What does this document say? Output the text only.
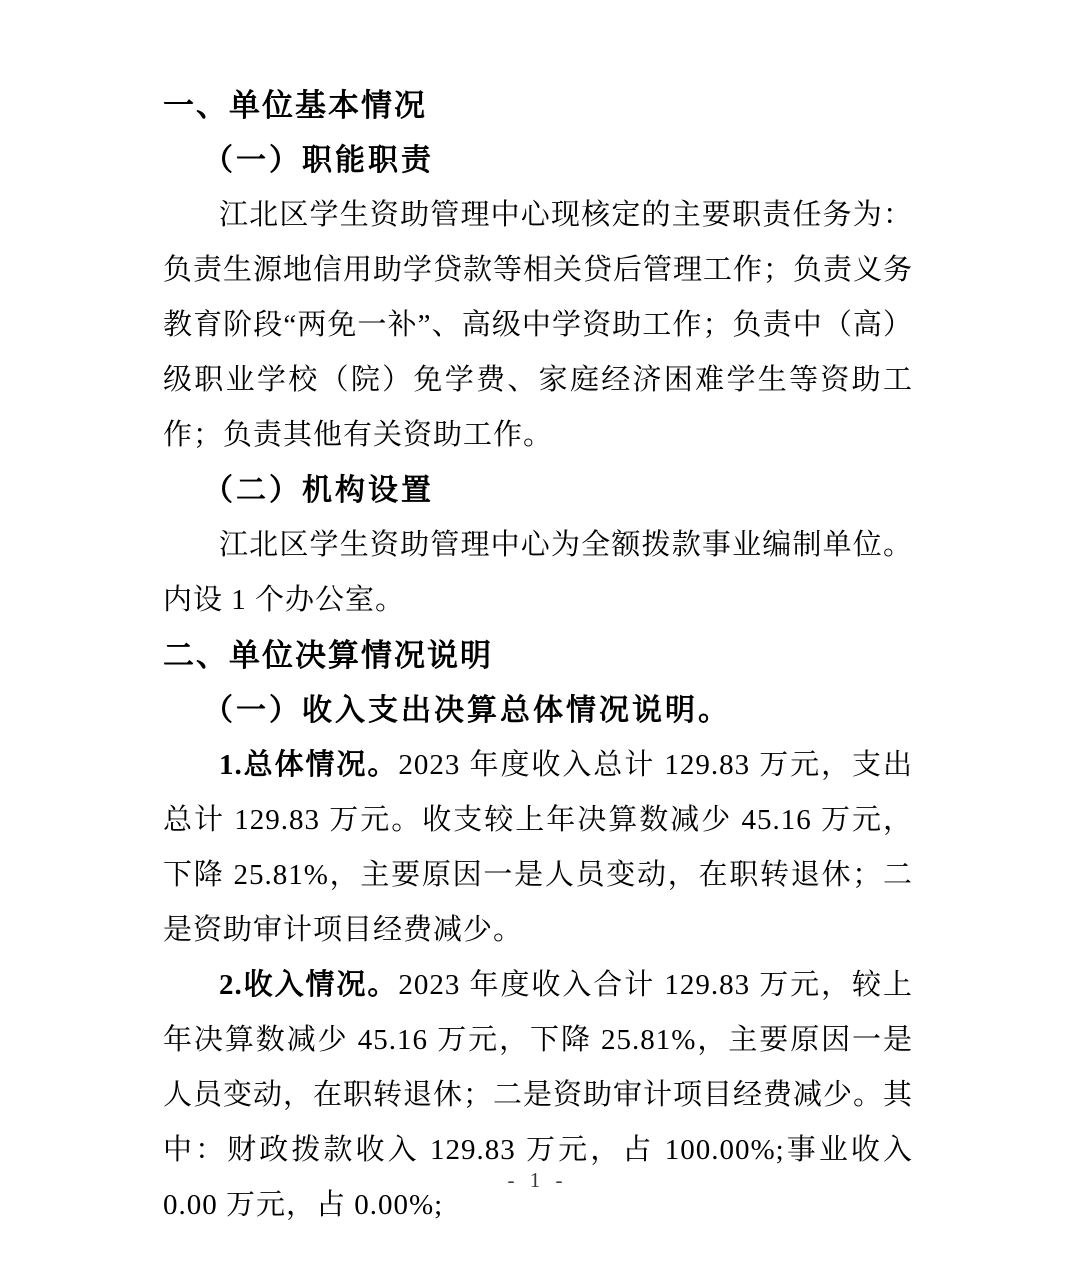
一、单位基本情况
（一）职能职责

江北区学生资助管理中心现核定的主要职责任务为：负责生源地信用助学贷款等相关贷后管理工作；负责义务教育阶段“两免一补”、高级中学资助工作；负责中（高）级职业学校（院）免学费、家庭经济困难学生等资助工作；负责其他有关资助工作。

（二）机构设置

江北区学生资助管理中心为全额拨款事业编制单位。内设 1 个办公室。

二、单位决算情况说明
（一）收入支出决算总体情况说明。

1.总体情况。2023 年度收入总计 129.83 万元，支出总计 129.83 万元。收支较上年决算数减少 45.16 万元，下降 25.81%，主要原因一是人员变动，在职转退休；二是资助审计项目经费减少。

2.收入情况。2023 年度收入合计 129.83 万元，较上年决算数减少 45.16 万元，下降 25.81%，主要原因一是人员变动，在职转退休；二是资助审计项目经费减少。其中：财政拨款收入 129.83 万元，占 100.00%;事业收入 0.00 万元，占 0.00%;

- 1 -
